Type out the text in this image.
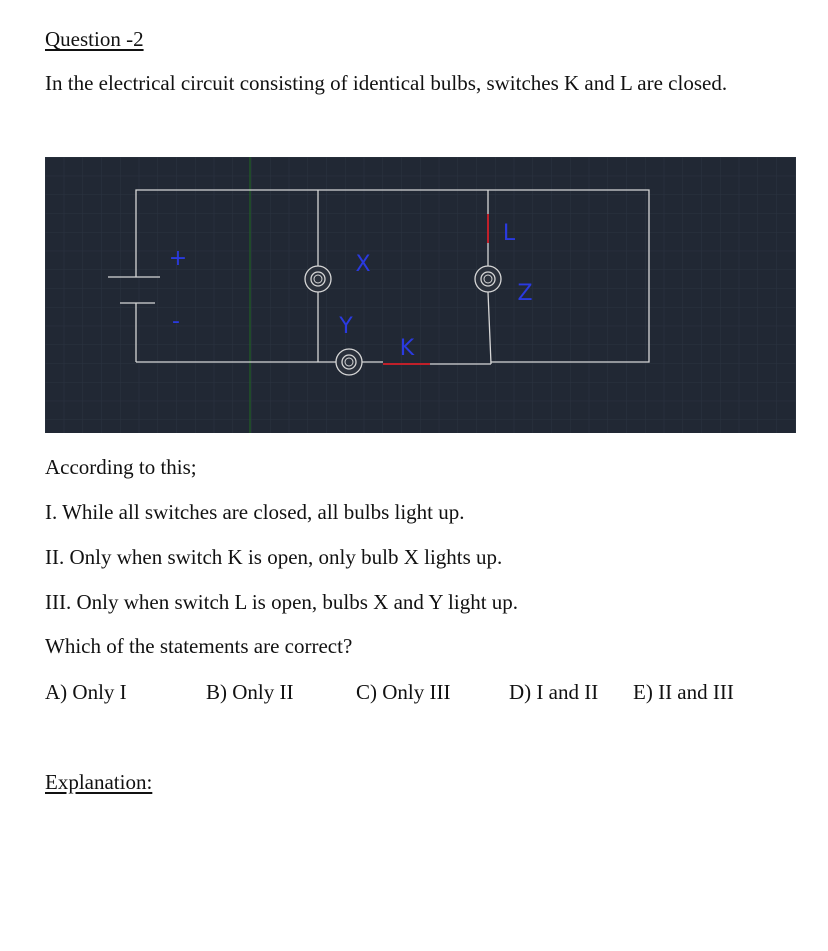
Question -2
In the electrical circuit consisting of identical bulbs, switches K and L are closed.
+
-
X
Y
Z
K
L
According to this;
I. While all switches are closed, all bulbs light up.
II. Only when switch K is open, only bulb X lights up.
III. Only when switch L is open, bulbs X and Y light up.
Which of the statements are correct?
A) Only I	B) Only II	C) Only III	D) I and II E) II and III
Explanation:
